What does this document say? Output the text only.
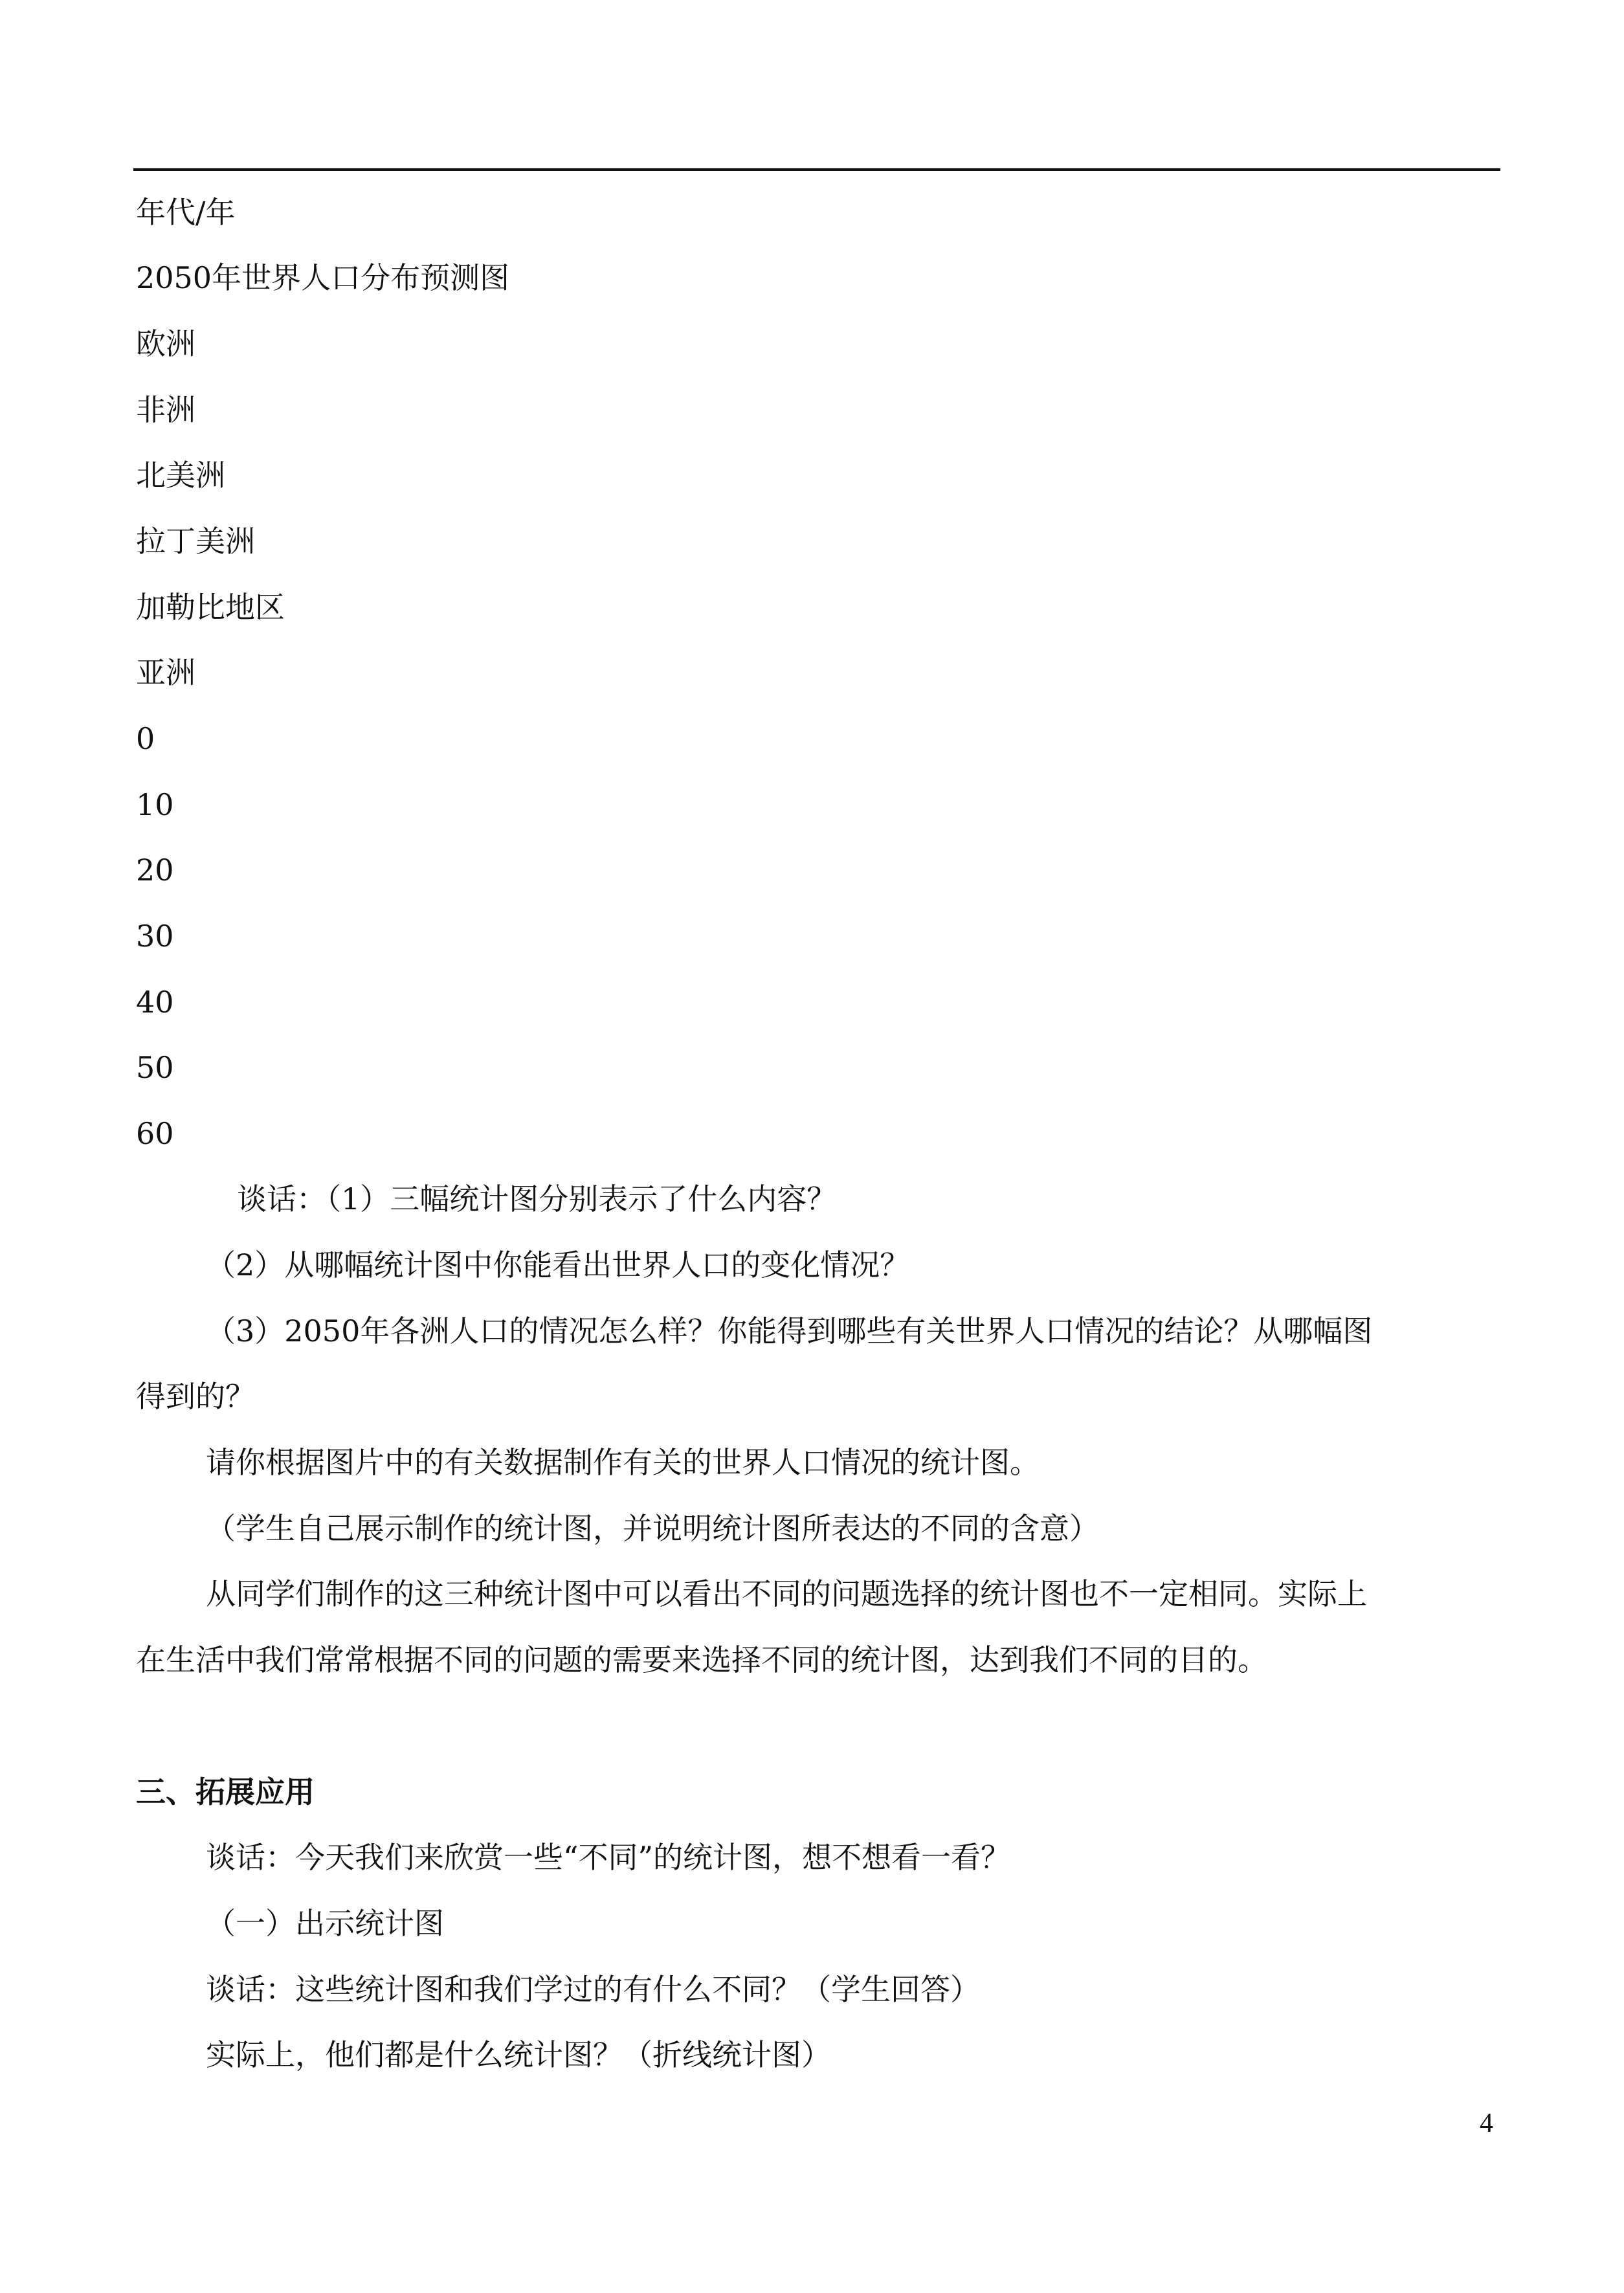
年代/年

2050年世界人口分布预测图

欧洲

非洲

北美洲

拉丁美洲

加勒比地区

亚洲

0

10

20

30

40

50

60

谈话：（1）三幅统计图分别表示了什么内容？

（2）从哪幅统计图中你能看出世界人口的变化情况？

（3）2050年各洲人口的情况怎么样？你能得到哪些有关世界人口情况的结论？从哪幅图

得到的？

请你根据图片中的有关数据制作有关的世界人口情况的统计图。

（学生自己展示制作的统计图，并说明统计图所表达的不同的含意）

从同学们制作的这三种统计图中可以看出不同的问题选择的统计图也不一定相同。实际上

在生活中我们常常根据不同的问题的需要来选择不同的统计图，达到我们不同的目的。

三、拓展应用

谈话：今天我们来欣赏一些“不同”的统计图，想不想看一看？

（一）出示统计图

谈话：这些统计图和我们学过的有什么不同？（学生回答）

实际上，他们都是什么统计图？（折线统计图）

4
